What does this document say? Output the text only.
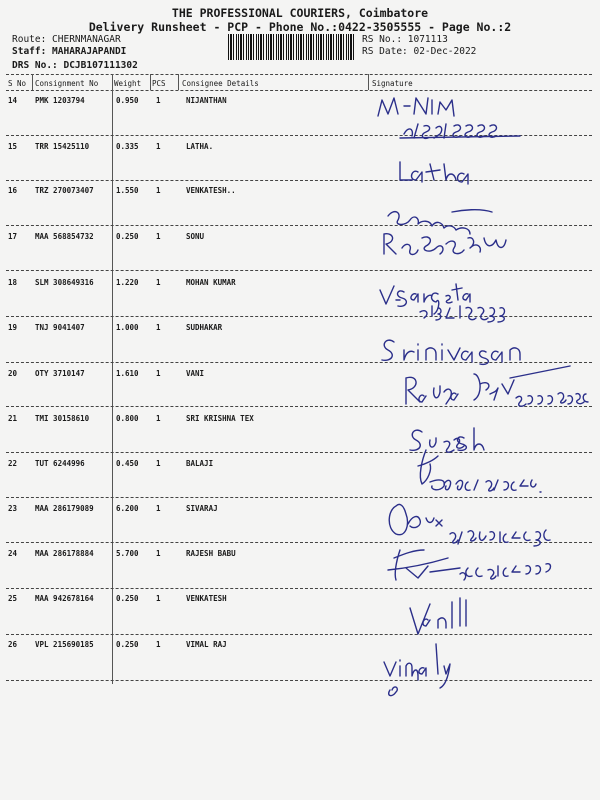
THE PROFESSIONAL COURIERS, Coimbatore
Delivery Runsheet - PCP - Phone No.:0422-3505555 - Page No.:2
Route: CHERNMANAGAR
Staff: MAHARAJAPANDI
DRS No.: DCJB107111302
RS No.: 1071113
RS Date: 02-Dec-2022
S No Consignment No Weight PCS Consignee Details	Signature
14 PMK 1203794	0.950 1	NIJANTHAN
15 TRR 15425110	0.335 1	LATHA.
16 TRZ 270073407	1.550 1	VENKATESH..
17 MAA 568854732	0.250 1	SONU
18 SLM 308649316	1.220 1	MOHAN KUMAR
19 TNJ 9041407	1.000 1	SUDHAKAR
20 OTY 3710147	1.610 1	VANI
21 TMI 30158610	0.800 1	SRI KRISHNA TEX
22 TUT 6244996	0.450 1	BALAJI
23 MAA 286179089	6.200 1	SIVARAJ
24 MAA 286178884	5.700 1	RAJESH BABU
25 MAA 942678164	0.250 1	VENKATESH
26 VPL 215690185	0.250 1	VIMAL RAJ
